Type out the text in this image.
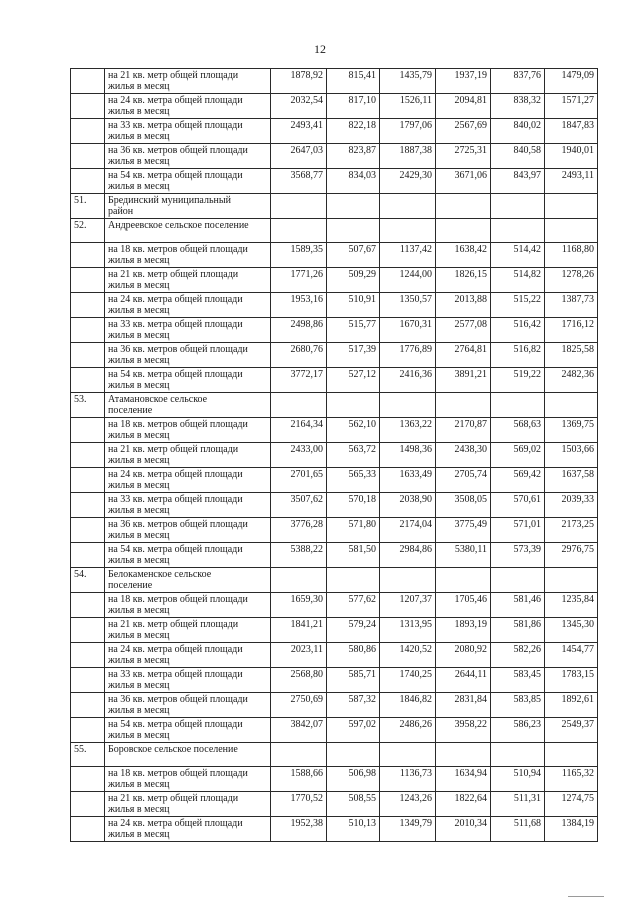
12
	на 21 кв. метр общей площади
жилья в месяц	1878,92	815,41	1435,79	1937,19	837,76	1479,09
	на 24 кв. метра общей площади
жилья в месяц	2032,54	817,10	1526,11	2094,81	838,32	1571,27
	на 33 кв. метра общей площади
жилья в месяц	2493,41	822,18	1797,06	2567,69	840,02	1847,83
	на 36 кв. метров общей площади
жилья в месяц	2647,03	823,87	1887,38	2725,31	840,58	1940,01
	на 54 кв. метра общей площади
жилья в месяц	3568,77	834,03	2429,30	3671,06	843,97	2493,11
51.	Брединский муниципальный
район						
52.	Андреевское сельское поселение						
	на 18 кв. метров общей площади
жилья в месяц	1589,35	507,67	1137,42	1638,42	514,42	1168,80
	на 21 кв. метр общей площади
жилья в месяц	1771,26	509,29	1244,00	1826,15	514,82	1278,26
	на 24 кв. метра общей площади
жилья в месяц	1953,16	510,91	1350,57	2013,88	515,22	1387,73
	на 33 кв. метра общей площади
жилья в месяц	2498,86	515,77	1670,31	2577,08	516,42	1716,12
	на 36 кв. метров общей площади
жилья в месяц	2680,76	517,39	1776,89	2764,81	516,82	1825,58
	на 54 кв. метра общей площади
жилья в месяц	3772,17	527,12	2416,36	3891,21	519,22	2482,36
53.	Атамановское сельское
поселение						
	на 18 кв. метров общей площади
жилья в месяц	2164,34	562,10	1363,22	2170,87	568,63	1369,75
	на 21 кв. метр общей площади
жилья в месяц	2433,00	563,72	1498,36	2438,30	569,02	1503,66
	на 24 кв. метра общей площади
жилья в месяц	2701,65	565,33	1633,49	2705,74	569,42	1637,58
	на 33 кв. метра общей площади
жилья в месяц	3507,62	570,18	2038,90	3508,05	570,61	2039,33
	на 36 кв. метров общей площади
жилья в месяц	3776,28	571,80	2174,04	3775,49	571,01	2173,25
	на 54 кв. метра общей площади
жилья в месяц	5388,22	581,50	2984,86	5380,11	573,39	2976,75
54.	Белокаменское сельское
поселение						
	на 18 кв. метров общей площади
жилья в месяц	1659,30	577,62	1207,37	1705,46	581,46	1235,84
	на 21 кв. метр общей площади
жилья в месяц	1841,21	579,24	1313,95	1893,19	581,86	1345,30
	на 24 кв. метра общей площади
жилья в месяц	2023,11	580,86	1420,52	2080,92	582,26	1454,77
	на 33 кв. метра общей площади
жилья в месяц	2568,80	585,71	1740,25	2644,11	583,45	1783,15
	на 36 кв. метров общей площади
жилья в месяц	2750,69	587,32	1846,82	2831,84	583,85	1892,61
	на 54 кв. метра общей площади
жилья в месяц	3842,07	597,02	2486,26	3958,22	586,23	2549,37
55.	Боровское сельское поселение						
	на 18 кв. метров общей площади
жилья в месяц	1588,66	506,98	1136,73	1634,94	510,94	1165,32
	на 21 кв. метр общей площади
жилья в месяц	1770,52	508,55	1243,26	1822,64	511,31	1274,75
	на 24 кв. метра общей площади
жилья в месяц	1952,38	510,13	1349,79	2010,34	511,68	1384,19
